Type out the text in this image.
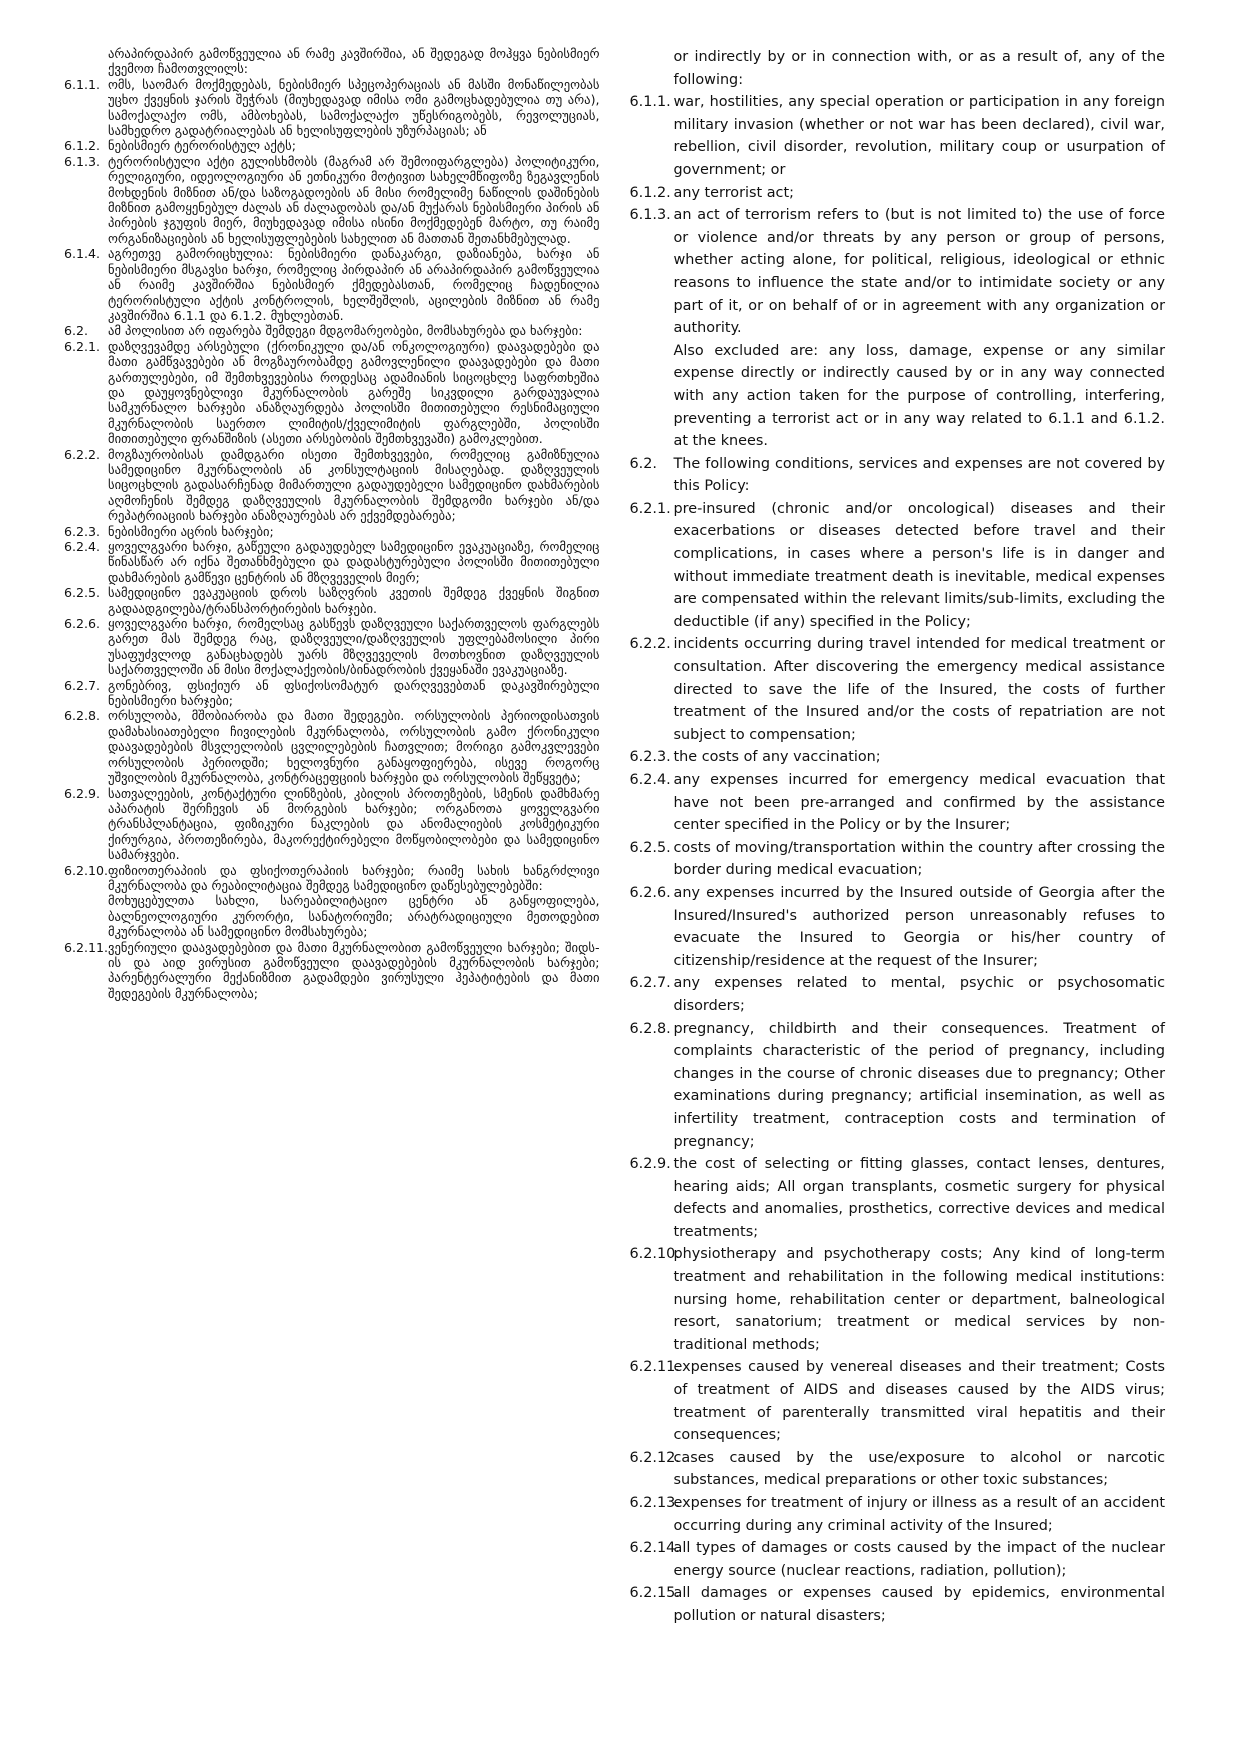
არაპირდაპირ გამოწვეულია ან რამე კავშირშია, ან შედეგად მოჰყვა ნებისმიერ ქვემოთ ჩამოთვლილს:
6.1.1. ომს, საომარ მოქმედებას, ნებისმიერ სპეცოპერაციას ან მასში მონაწილეობას უცხო ქვეყნის ჯარის შეჭრას (მიუხედავად იმისა ომი გამოცხადებულია თუ არა), სამოქალაქო ომს, ამბოხებას, სამოქალაქო უწესრიგობებს, რევოლუციას, სამხედრო გადატრიალებას ან ხელისუფლების უზურპაციას; ან
6.1.2. ნებისმიერ ტერორისტულ აქტს;
6.1.3. ტერორისტული აქტი გულისხმობს (მაგრამ არ შემოიფარგლება) პოლიტიკური, რელიგიური, იდეოლოგიური ან ეთნიკური მოტივით სახელმწიფოზე ზეგავლენის მოხდენის მიზნით ან/და საზოგადოების ან მისი რომელიმე ნაწილის დაშინების მიზნით გამოყენებულ ძალას ან ძალადობას და/ან მუქარას ნებისმიერი პირის ან პირების ჯგუფის მიერ, მიუხედავად იმისა ისინი მოქმედებენ მარტო, თუ რაიმე ორგანიზაციების ან ხელისუფლებების სახელით ან მათთან შეთანხმებულად.
6.1.4. აგრეთვე გამორიცხულია: ნებისმიერი დანაკარგი, დაზიანება, ხარჯი ან ნებისმიერი მსგავსი ხარჯი, რომელიც პირდაპირ ან არაპირდაპირ გამოწვეულია ან რაიმე კავშირშია ნებისმიერ ქმედებასთან, რომელიც ჩადენილია ტერორისტული აქტის კონტროლის, ხელშეშლის, აცილების მიზნით ან რამე კავშირშია 6.1.1 და 6.1.2. მუხლებთან.
6.2.	ამ პოლისით არ იფარება შემდეგი მდგომარეობები, მომსახურება და ხარჯები:
6.2.1. დაზღვევამდე არსებული (ქრონიკული და/ან ონკოლოგიური) დაავადებები და მათი გამწვავებები ან მოგზაურობამდე გამოვლენილი დაავადებები და მათი გართულებები, იმ შემთხვევებისა როდესაც ადამიანის სიცოცხლე საფრთხეშია და დაუყოვნებლივი მკურნალობის გარეშე სიკვდილი გარდაუვალია სამკურნალო ხარჯები ანაზღაურდება პოლისში მითითებული რესნიმაციული მკურნალობის საერთო ლიმიტის/ქველიმიტის ფარგლებში, პოლისში მითითებული ფრანშიზის (ასეთი არსებობის შემთხვევაში) გამოკლებით.
6.2.2. მოგზაურობისას დამდგარი ისეთი შემთხვევები, რომელიც გამიზნულია სამედიცინო მკურნალობის ან კონსულტაციის მისაღებად. დაზღვეულის სიცოცხლის გადასარჩენად მიმართული გადაუდებელი სამედიცინო დახმარების აღმოჩენის შემდეგ დაზღვეულის მკურნალობის შემდგომი ხარჯები ან/და რეპატრიაციის ხარჯები ანაზღაურებას არ ექვემდებარება;
6.2.3. ნებისმიერი აცრის ხარჯები;
6.2.4. ყოველგვარი ხარჯი, გაწეული გადაუდებელ სამედიცინო ევაკუაციაზე, რომელიც წინასწარ არ იქნა შეთანხმებული და დადასტურებული პოლისში მითითებული დახმარების გამწევი ცენტრის ან მზღვეველის მიერ;
6.2.5. სამედიცინო ევაკუაციის დროს საზღვრის კვეთის შემდეგ ქვეყნის შიგნით გადაადგილება/ტრანსპორტირების ხარჯები.
6.2.6. ყოველგვარი ხარჯი, რომელსაც გასწევს დაზღვეული საქართველოს ფარგლებს გარეთ მას შემდეგ რაც, დაზღვეული/დაზღვეულის უფლებამოსილი პირი უსაფუძვლოდ განაცხადებს უარს მზღვეველის მოთხოვნით დაზღვეულის საქართველოში ან მისი მოქალაქეობის/ბინადრობის ქვეყანაში ევაკუაციაზე.
6.2.7. გონებრივ, ფსიქიურ ან ფსიქოსომატურ დარღვევებთან დაკავშირებული ნებისმიერი ხარჯები;
6.2.8. ორსულობა, მშობიარობა და მათი შედეგები. ორსულობის პერიოდისათვის დამახასიათებელი ჩივილების მკურნალობა, ორსულობის გამო ქრონიკული დაავადებების მსვლელობის ცვლილებების ჩათვლით; მორიგი გამოკვლევები ორსულობის პერიოდში; ხელოვნური განაყოფიერება, ისევე როგორც უშვილობის მკურნალობა, კონტრაცეფციის ხარჯები და ორსულობის შეწყვეტა;
6.2.9. სათვალეების, კონტაქტური ლინზების, კბილის პროთეზების, სმენის დამხმარე აპარატის შერჩევის ან მორგების ხარჯები; ორგანოთა ყოველგვარი ტრანსპლანტაცია, ფიზიკური ნაკლების და ანომალიების კოსმეტიკური ქირურგია, პროთეზირება, მაკორექტირებელი მოწყობილობები და სამედიცინო სამარჯვები.
6.2.10. ფიზიოთერაპიის და ფსიქოთერაპიის ხარჯები; რაიმე სახის ხანგრძლივი მკურნალობა და რეაბილიტაცია შემდეგ სამედიცინო დაწესებულებებში:
მოხუცებულთა სახლი, სარეაბილიტაციო ცენტრი ან განყოფილება, ბალნეოლოგიური კურორტი, სანატორიუმი; არატრადიციული მეთოდებით მკურნალობა ან სამედიცინო მომსახურება;
6.2.11. ვენერიული დაავადებებით და მათი მკურნალობით გამოწვეული ხარჯები; შიდს-ის და აიდ ვირუსით გამოწვეული დაავადებების მკურნალობის ხარჯები; პარენტერალური მექანიზმით გადამდები ვირუსული ჰეპატიტების და მათი შედეგების მკურნალობა;
or indirectly by or in connection with, or as a result of, any of the following:
6.1.1. war, hostilities, any special operation or participation in any foreign military invasion (whether or not war has been declared), civil war, rebellion, civil disorder, revolution, military coup or usurpation of government; or
6.1.2. any terrorist act;
6.1.3. an act of terrorism refers to (but is not limited to) the use of force or violence and/or threats by any person or group of persons, whether acting alone, for political, religious, ideological or ethnic reasons to influence the state and/or to intimidate society or any part of it, or on behalf of or in agreement with any organization or authority.
Also excluded are: any loss, damage, expense or any similar expense directly or indirectly caused by or in any way connected with any action taken for the purpose of controlling, interfering, preventing a terrorist act or in any way related to 6.1.1 and 6.1.2. at the knees.
6.2.	The following conditions, services and expenses are not covered by this Policy:
6.2.1. pre-insured (chronic and/or oncological) diseases and their exacerbations or diseases detected before travel and their complications, in cases where a person's life is in danger and without immediate treatment death is inevitable, medical expenses are compensated within the relevant limits/sub-limits, excluding the deductible (if any) specified in the Policy;
6.2.2. incidents occurring during travel intended for medical treatment or consultation. After discovering the emergency medical assistance directed to save the life of the Insured, the costs of further treatment of the Insured and/or the costs of repatriation are not subject to compensation;
6.2.3. the costs of any vaccination;
6.2.4. any expenses incurred for emergency medical evacuation that have not been pre-arranged and confirmed by the assistance center specified in the Policy or by the Insurer;
6.2.5. costs of moving/transportation within the country after crossing the border during medical evacuation;
6.2.6. any expenses incurred by the Insured outside of Georgia after the Insured/Insured's authorized person unreasonably refuses to evacuate the Insured to Georgia or his/her country of citizenship/residence at the request of the Insurer;
6.2.7. any expenses related to mental, psychic or psychosomatic disorders;
6.2.8. pregnancy, childbirth and their consequences. Treatment of complaints characteristic of the period of pregnancy, including changes in the course of chronic diseases due to pregnancy; Other examinations during pregnancy; artificial insemination, as well as infertility treatment, contraception costs and termination of pregnancy;
6.2.9. the cost of selecting or fitting glasses, contact lenses, dentures, hearing aids; All organ transplants, cosmetic surgery for physical defects and anomalies, prosthetics, corrective devices and medical treatments;
6.2.10.
physiotherapy and psychotherapy costs; Any kind of long-term treatment and rehabilitation in the following medical institutions: nursing home, rehabilitation center or department, balneological resort, sanatorium; treatment or medical services by non-traditional methods;
6.2.11.
expenses caused by venereal diseases and their treatment; Costs of treatment of AIDS and diseases caused by the AIDS virus; treatment of parenterally transmitted viral hepatitis and their consequences;
6.2.12.
cases caused by the use/exposure to alcohol or narcotic substances, medical preparations or other toxic substances;
6.2.13.
expenses for treatment of injury or illness as a result of an accident occurring during any criminal activity of the Insured;
6.2.14.
all types of damages or costs caused by the impact of the nuclear energy source (nuclear reactions, radiation, pollution);
6.2.15.
all damages or expenses caused by epidemics, environmental pollution or natural disasters;
